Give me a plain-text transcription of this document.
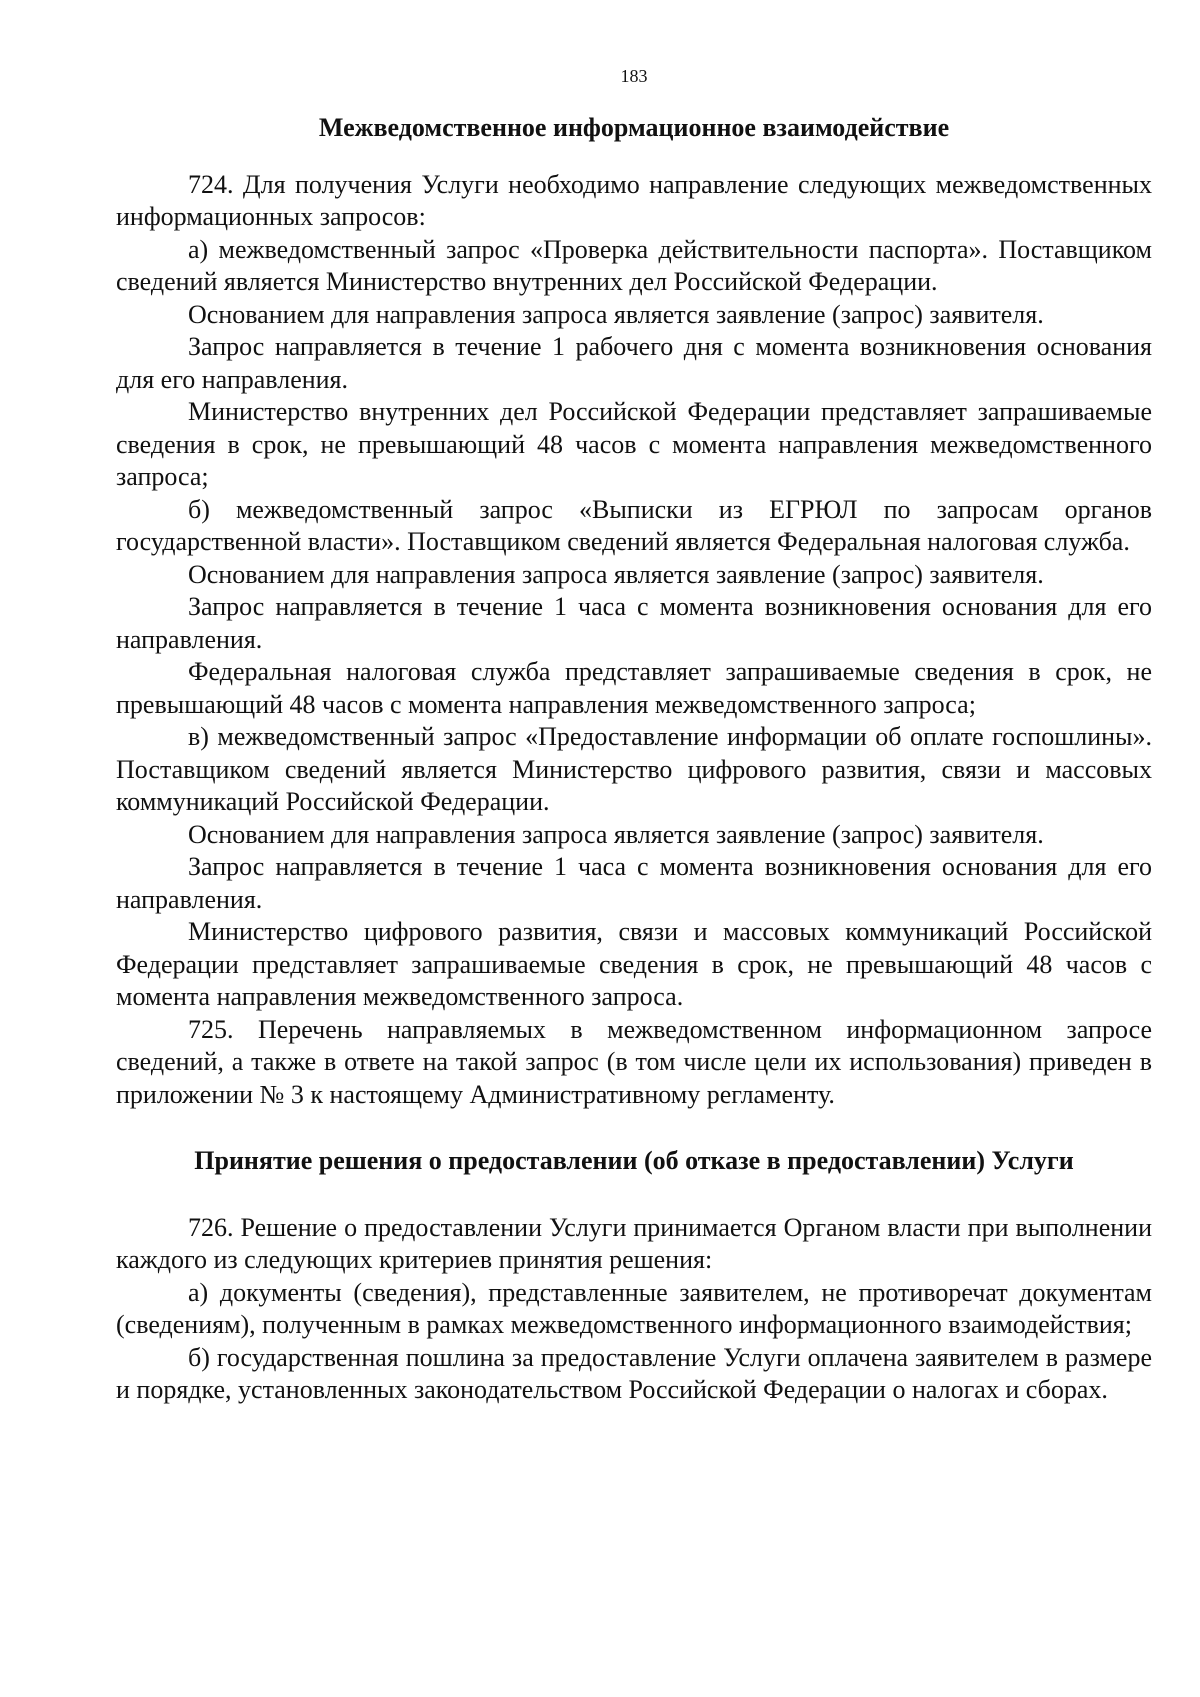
183
Межведомственное информационное взаимодействие

724. Для получения Услуги необходимо направление следующих межведомственных информационных запросов:

а) межведомственный запрос «Проверка действительности паспорта». Поставщиком сведений является Министерство внутренних дел Российской Федерации.

Основанием для направления запроса является заявление (запрос) заявителя.

Запрос направляется в течение 1 рабочего дня с момента возникновения основания для его направления.

Министерство внутренних дел Российской Федерации представляет запрашиваемые сведения в срок, не превышающий 48 часов с момента направления межведомственного запроса;

б) межведомственный запрос «Выписки из ЕГРЮЛ по запросам органов государственной власти». Поставщиком сведений является Федеральная налоговая служба.

Основанием для направления запроса является заявление (запрос) заявителя.

Запрос направляется в течение 1 часа с момента возникновения основания для его направления.

Федеральная налоговая служба представляет запрашиваемые сведения в срок, не превышающий 48 часов с момента направления межведомственного запроса;

в) межведомственный запрос «Предоставление информации об оплате госпошлины». Поставщиком сведений является Министерство цифрового развития, связи и массовых коммуникаций Российской Федерации.

Основанием для направления запроса является заявление (запрос) заявителя.

Запрос направляется в течение 1 часа с момента возникновения основания для его направления.

Министерство цифрового развития, связи и массовых коммуникаций Российской Федерации представляет запрашиваемые сведения в срок, не превышающий 48 часов с момента направления межведомственного запроса.

725. Перечень направляемых в межведомственном информационном запросе сведений, а также в ответе на такой запрос (в том числе цели их использования) приведен в приложении № 3 к настоящему Административному регламенту.

Принятие решения о предоставлении (об отказе в предоставлении) Услуги

726. Решение о предоставлении Услуги принимается Органом власти при выполнении каждого из следующих критериев принятия решения:

а) документы (сведения), представленные заявителем, не противоречат документам (сведениям), полученным в рамках межведомственного информационного взаимодействия;

б) государственная пошлина за предоставление Услуги оплачена заявителем в размере и порядке, установленных законодательством Российской Федерации о налогах и сборах.
